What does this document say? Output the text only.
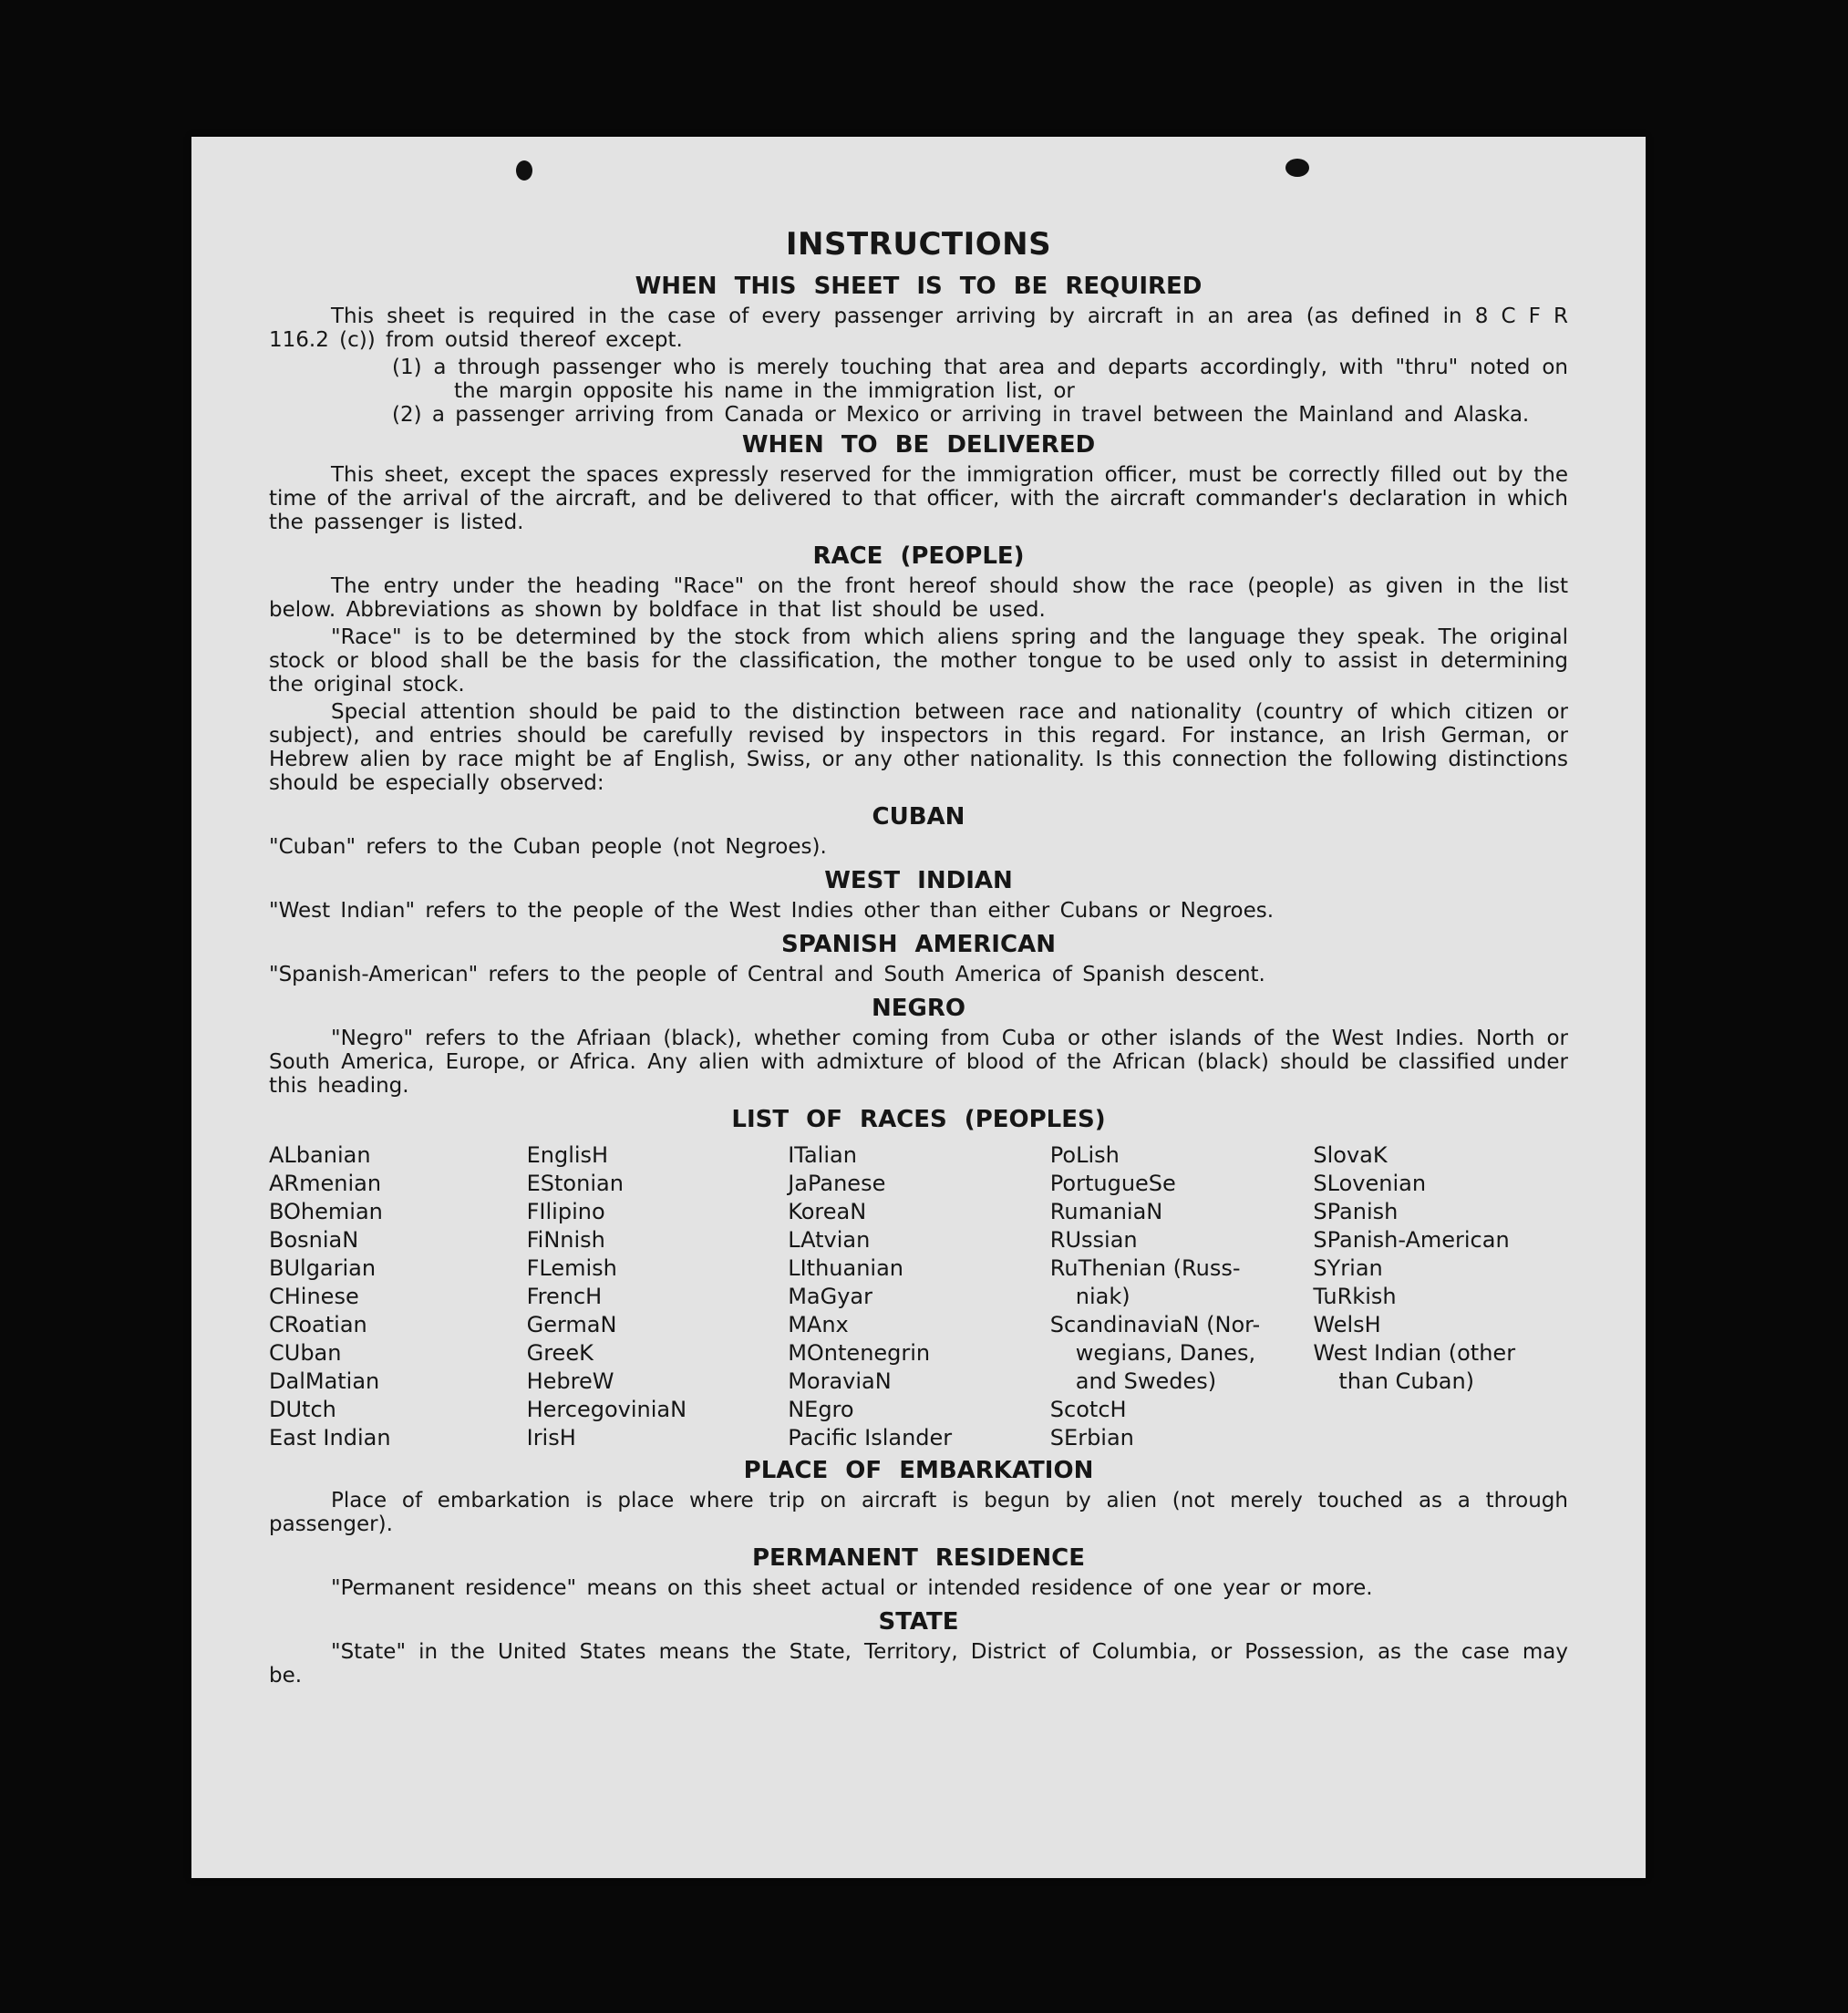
INSTRUCTIONS
WHEN THIS SHEET IS TO BE REQUIRED

This sheet is required in the case of every passenger arriving by aircraft in an area (as defined in 8 C F R 116.2 (c)) from outsid thereof except.

(1) a through passenger who is merely touching that area and departs accordingly, with "thru" noted on the margin opposite his name in the immigration list, or
(2) a passenger arriving from Canada or Mexico or arriving in travel between the Mainland and Alaska.
WHEN TO BE DELIVERED

This sheet, except the spaces expressly reserved for the immigration officer, must be correctly filled out by the time of the arrival of the aircraft, and be delivered to that officer, with the aircraft commander's declaration in which the passenger is listed.

RACE (PEOPLE)

The entry under the heading "Race" on the front hereof should show the race (people) as given in the list below. Abbreviations as shown by boldface in that list should be used.

"Race" is to be determined by the stock from which aliens spring and the language they speak. The original stock or blood shall be the basis for the classification, the mother tongue to be used only to assist in determining the original stock.

Special attention should be paid to the distinction between race and nationality (country of which citizen or subject), and entries should be carefully revised by inspectors in this regard. For instance, an Irish German, or Hebrew alien by race might be af English, Swiss, or any other nationality. Is this connection the following distinctions should be especially observed:

CUBAN

"Cuban" refers to the Cuban people (not Negroes).

WEST INDIAN

"West Indian" refers to the people of the West Indies other than either Cubans or Negroes.

SPANISH AMERICAN

"Spanish-American" refers to the people of Central and South America of Spanish descent.

NEGRO

"Negro" refers to the Afriaan (black), whether coming from Cuba or other islands of the West Indies. North or South America, Europe, or Africa. Any alien with admixture of blood of the African (black) should be classified under this heading.

LIST OF RACES (PEOPLES)
ALbanian
ARmenian
BOhemian
BosniaN
BUlgarian
CHinese
CRoatian
CUban
DalMatian
DUtch
East Indian
EnglisH
EStonian
FIlipino
FiNnish
FLemish
FrencH
GermaN
GreeK
HebreW
HercegoviniaN
IrisH
ITalian
JaPanese
KoreaN
LAtvian
LIthuanian
MaGyar
MAnx
MOntenegrin
MoraviaN
NEgro
Pacific Islander
PoLish
PortugueSe
RumaniaN
RUssian
RuThenian (Russ-
niak)
ScandinaviaN (Nor-
wegians, Danes,
and Swedes)
ScotcH
SErbian
SlovaK
SLovenian
SPanish
SPanish-American
SYrian
TuRkish
WelsH
West Indian (other
than Cuban)
PLACE OF EMBARKATION

Place of embarkation is place where trip on aircraft is begun by alien (not merely touched as a through passenger).

PERMANENT RESIDENCE

"Permanent residence" means on this sheet actual or intended residence of one year or more.

STATE

"State" in the United States means the State, Territory, District of Columbia, or Possession, as the case may be.
